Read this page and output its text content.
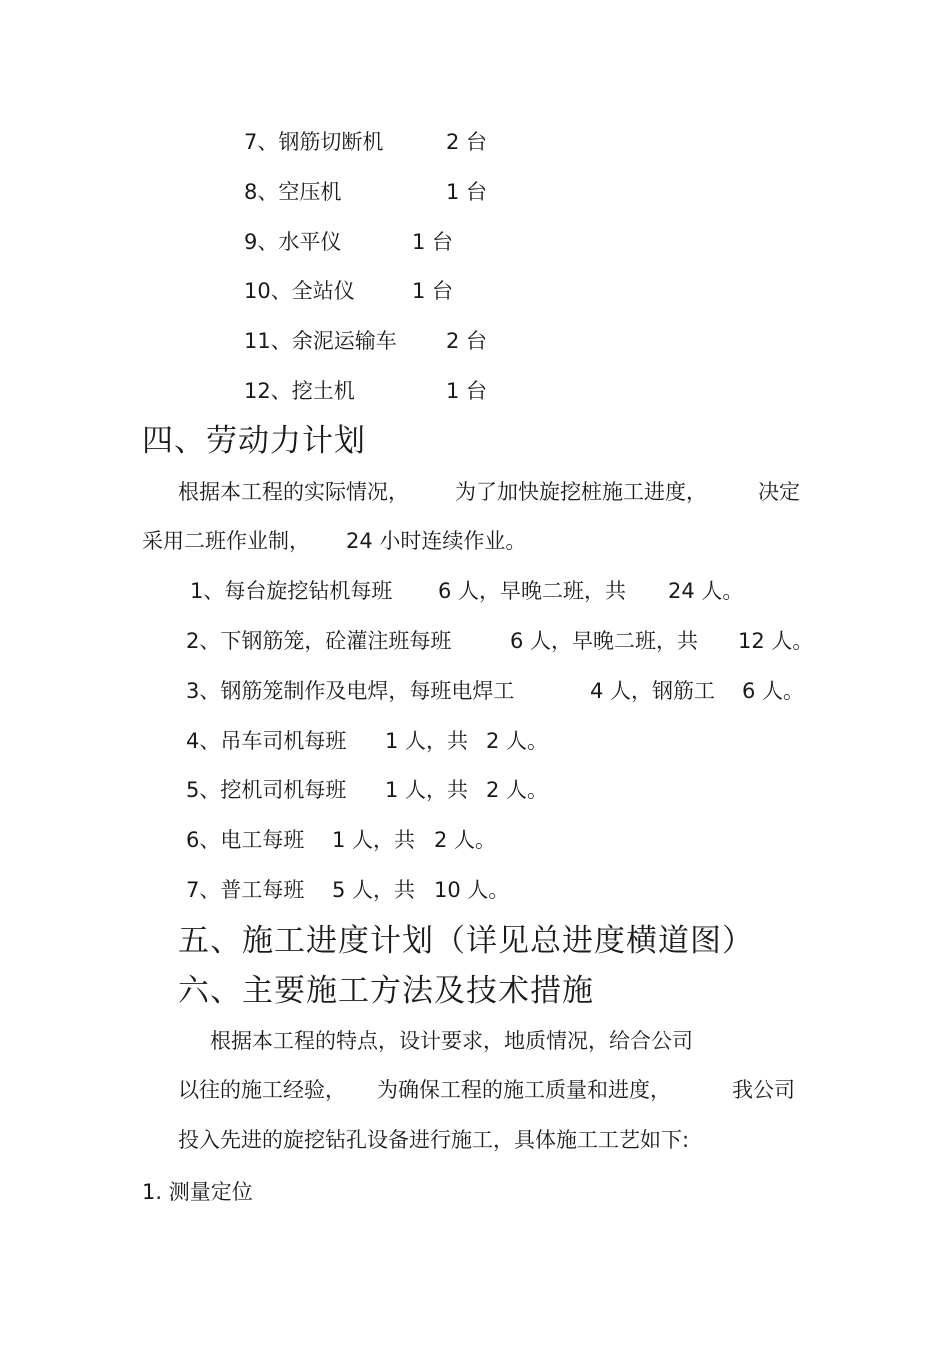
7、钢筋切断机	2 台
8、空压机	1 台
9、水平仪	1 台
10、全站仪	1 台
11、余泥运输车 2 台
12、挖土机	1 台
四、劳动力计划
根据本工程的实际情况， 为了加快旋挖桩施工进度， 决定
采用二班作业制， 24 小时连续作业。
1、每台旋挖钻机每班 6 人，早晚二班，共 24 人。
2、下钢筋笼，砼灌注班每班	6 人，早晚二班，共 12 人。
3、钢筋笼制作及电焊，每班电焊工	4 人，钢筋工 6 人。
4、吊车司机每班 1 人，共 2 人。
5、挖机司机每班 1 人，共 2 人。
6、电工每班 1 人，共 2 人。
7、普工每班 5 人，共 10 人。
五、施工进度计划（详见总进度横道图）
六、主要施工方法及技术措施
根据本工程的特点，设计要求，地质情况，给合公司
以往的施工经验， 为确保工程的施工质量和进度，	我公司
投入先进的旋挖钻孔设备进行施工，具体施工工艺如下:
1. 测量定位
